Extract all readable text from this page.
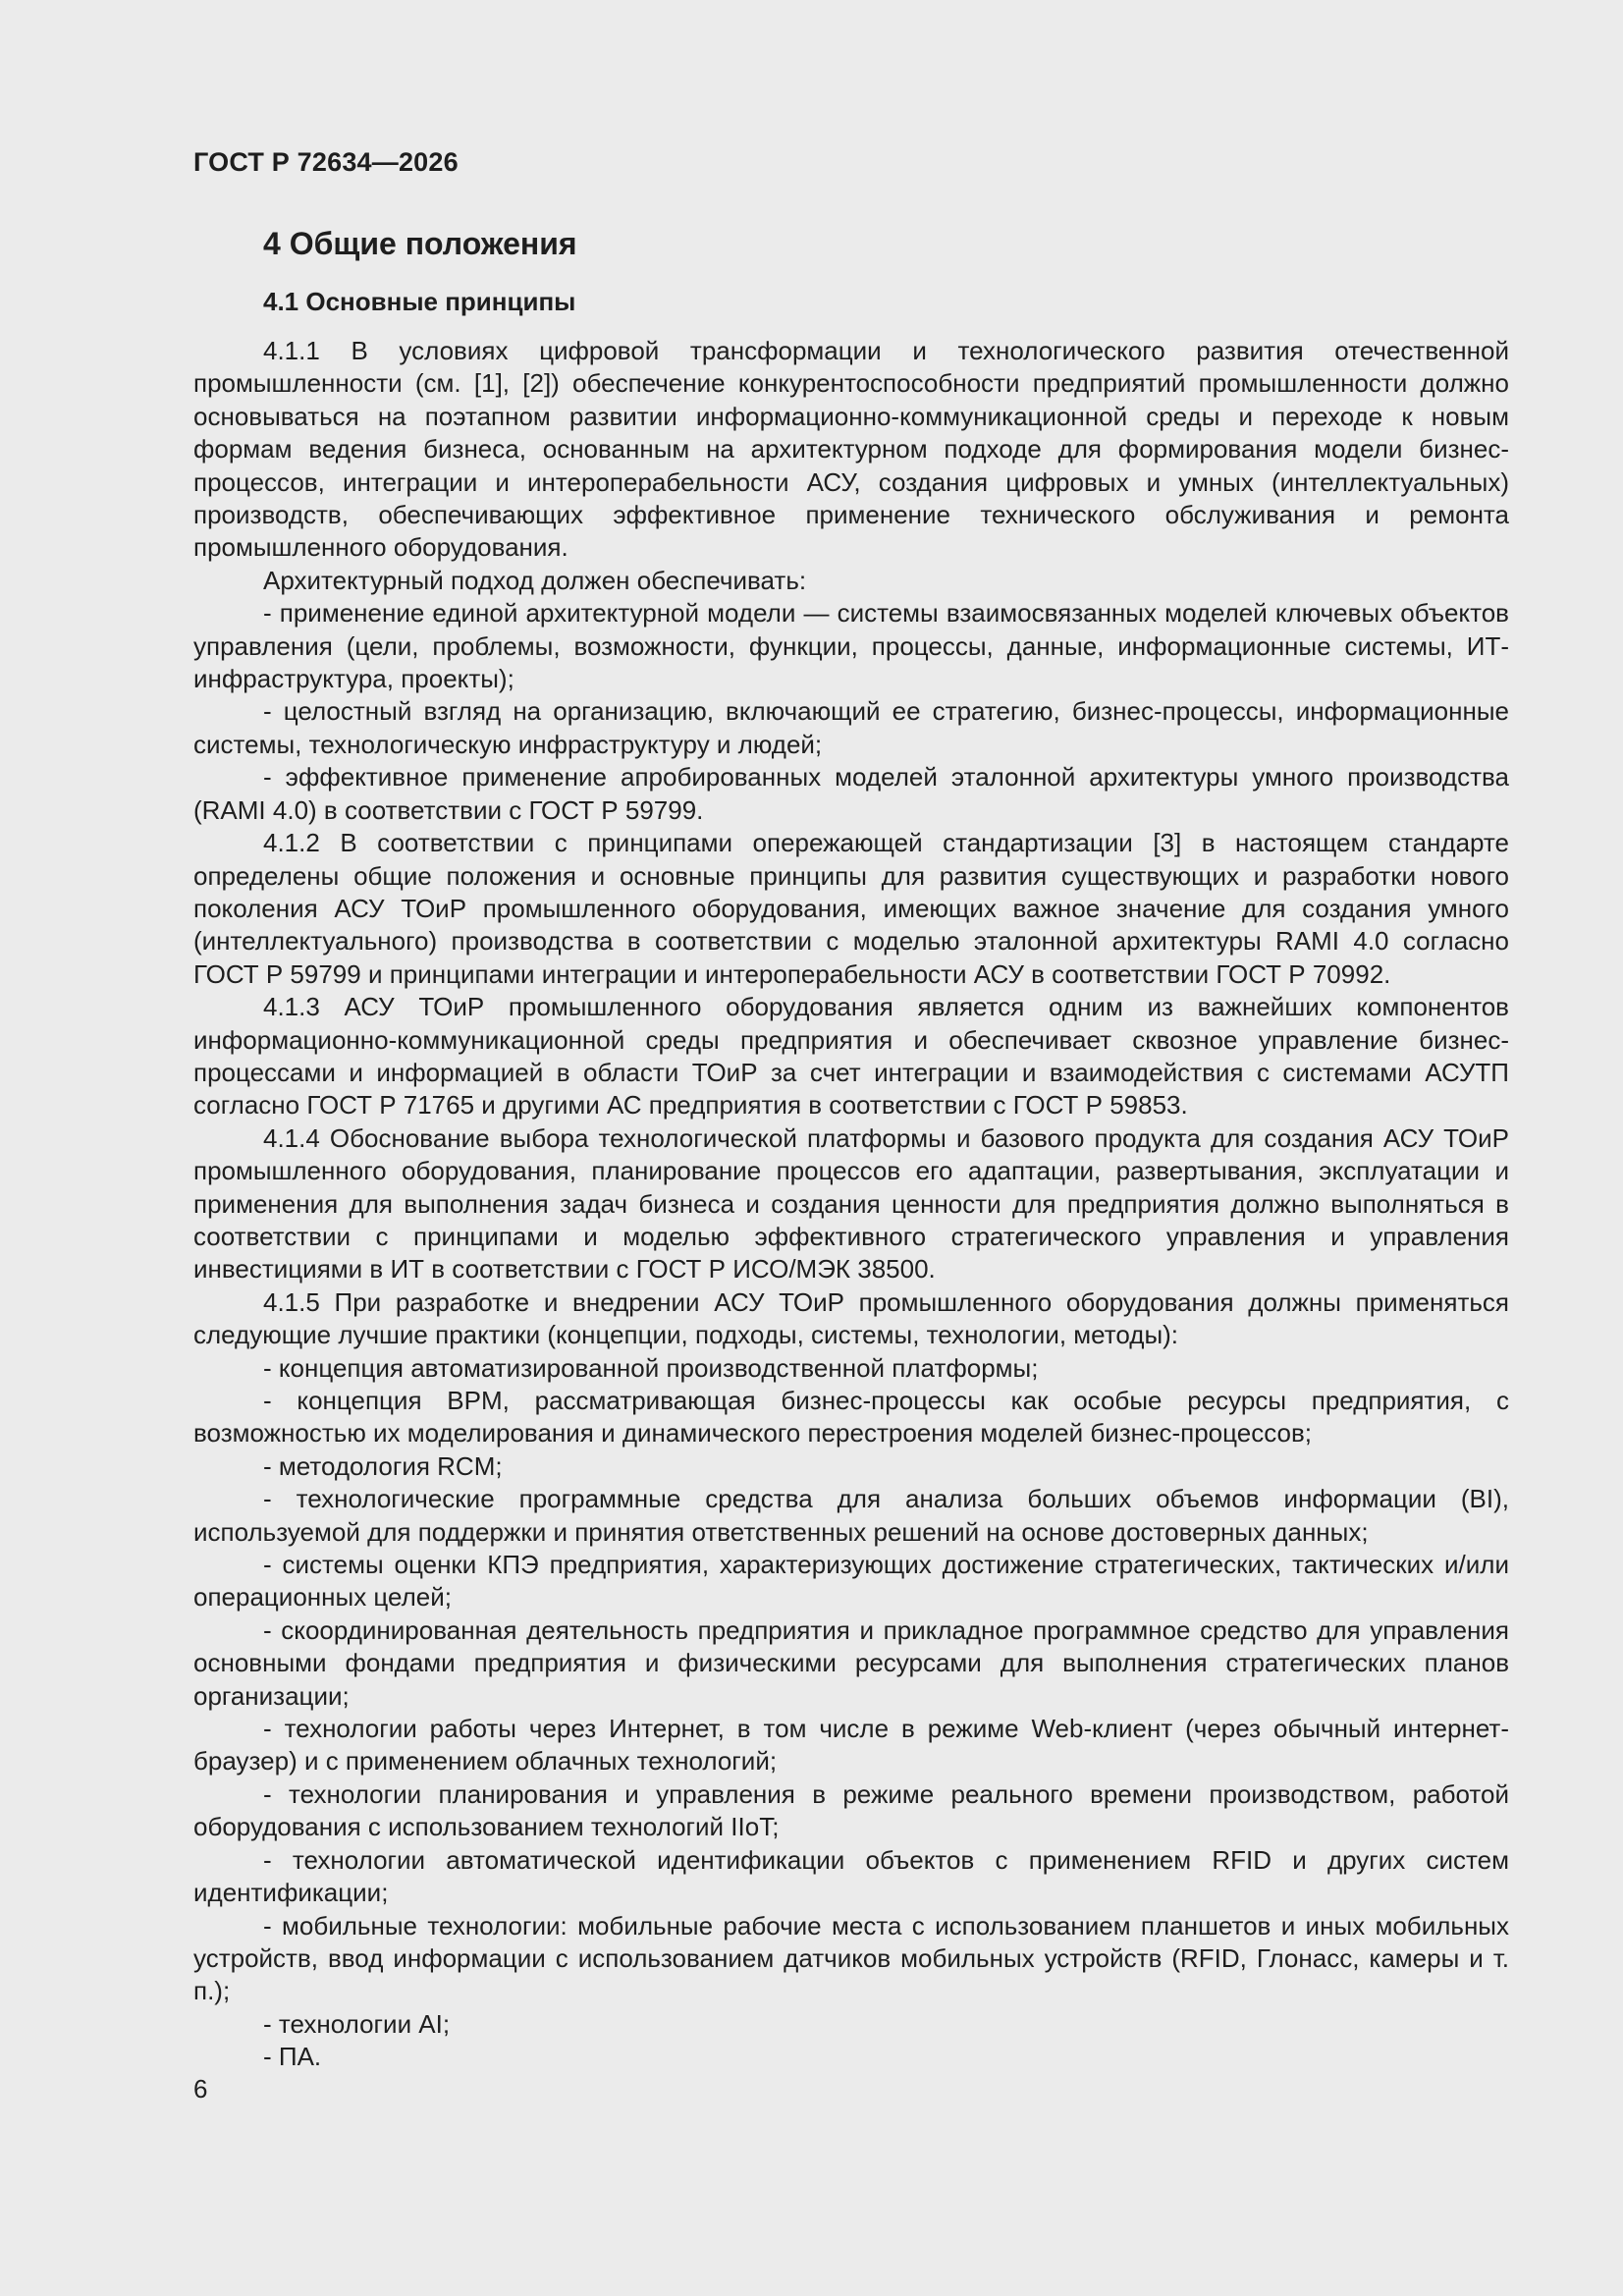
ГОСТ Р 72634—2026
4 Общие положения
4.1 Основные принципы

4.1.1 В условиях цифровой трансформации и технологического развития отечественной промышленности (см. [1], [2]) обеспечение конкурентоспособности предприятий промышленности должно основываться на поэтапном развитии информационно-коммуникационной среды и переходе к новым формам ведения бизнеса, основанным на архитектурном подходе для формирования модели бизнес-процессов, интеграции и интероперабельности АСУ, создания цифровых и умных (интеллектуальных) производств, обеспечивающих эффективное применение технического обслуживания и ремонта промышленного оборудования.

Архитектурный подход должен обеспечивать:

- применение единой архитектурной модели — системы взаимосвязанных моделей ключевых объектов управления (цели, проблемы, возможности, функции, процессы, данные, информационные системы, ИТ-инфраструктура, проекты);

- целостный взгляд на организацию, включающий ее стратегию, бизнес-процессы, информационные системы, технологическую инфраструктуру и людей;

- эффективное применение апробированных моделей эталонной архитектуры умного производства (RAMI 4.0) в соответствии с ГОСТ Р 59799.

4.1.2 В соответствии с принципами опережающей стандартизации [3] в настоящем стандарте определены общие положения и основные принципы для развития существующих и разработки нового поколения АСУ ТОиР промышленного оборудования, имеющих важное значение для создания умного (интеллектуального) производства в соответствии с моделью эталонной архитектуры RAMI 4.0 согласно ГОСТ Р 59799 и принципами интеграции и интероперабельности АСУ в соответствии ГОСТ Р 70992.

4.1.3 АСУ ТОиР промышленного оборудования является одним из важнейших компонентов информационно-коммуникационной среды предприятия и обеспечивает сквозное управление бизнес-процессами и информацией в области ТОиР за счет интеграции и взаимодействия с системами АСУТП согласно ГОСТ Р 71765 и другими АС предприятия в соответствии с ГОСТ Р 59853.

4.1.4 Обоснование выбора технологической платформы и базового продукта для создания АСУ ТОиР промышленного оборудования, планирование процессов его адаптации, развертывания, эксплуатации и применения для выполнения задач бизнеса и создания ценности для предприятия должно выполняться в соответствии с принципами и моделью эффективного стратегического управления и управления инвестициями в ИТ в соответствии с ГОСТ Р ИСО/МЭК 38500.

4.1.5 При разработке и внедрении АСУ ТОиР промышленного оборудования должны применяться следующие лучшие практики (концепции, подходы, системы, технологии, методы):

- концепция автоматизированной производственной платформы;

- концепция BPM, рассматривающая бизнес-процессы как особые ресурсы предприятия, с возможностью их моделирования и динамического перестроения моделей бизнес-процессов;

- методология RCM;

- технологические программные средства для анализа больших объемов информации (BI), используемой для поддержки и принятия ответственных решений на основе достоверных данных;

- системы оценки КПЭ предприятия, характеризующих достижение стратегических, тактических и/или операционных целей;

- скоординированная деятельность предприятия и прикладное программное средство для управления основными фондами предприятия и физическими ресурсами для выполнения стратегических планов организации;

- технологии работы через Интернет, в том числе в режиме Web-клиент (через обычный интернет-браузер) и с применением облачных технологий;

- технологии планирования и управления в режиме реального времени производством, работой оборудования с использованием технологий IIoT;

- технологии автоматической идентификации объектов с применением RFID и других систем идентификации;

- мобильные технологии: мобильные рабочие места с использованием планшетов и иных мобильных устройств, ввод информации с использованием датчиков мобильных устройств (RFID, Глонасс, камеры и т. п.);

- технологии AI;

- ПА.

6
